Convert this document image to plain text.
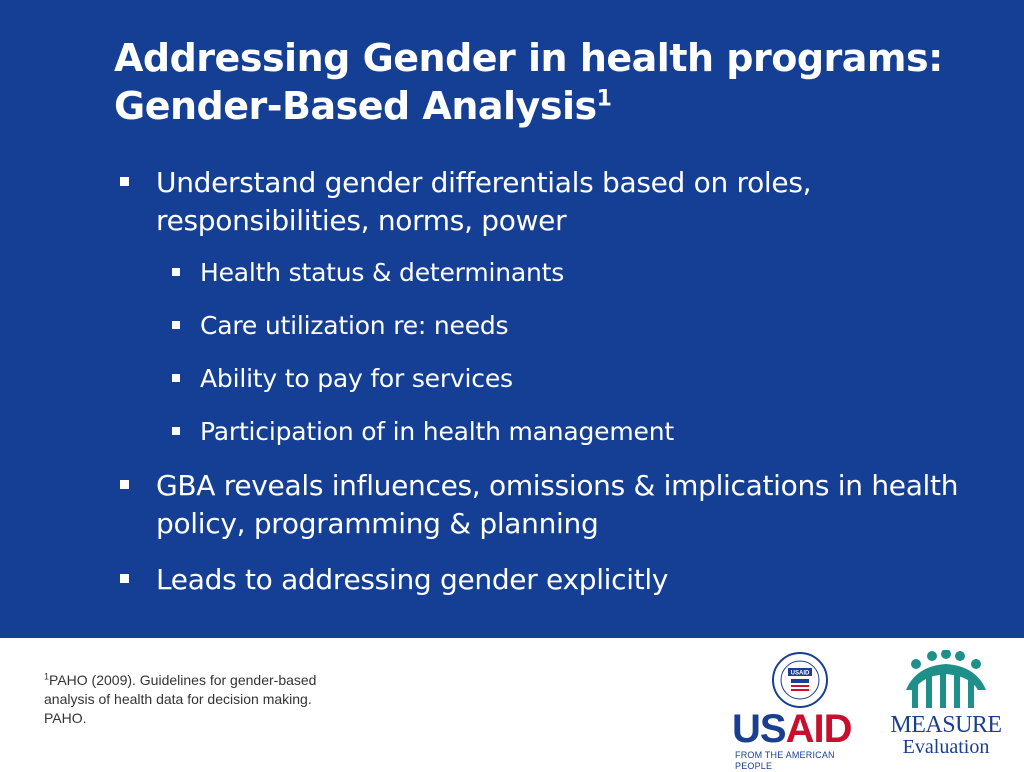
Addressing Gender in health programs:
Gender-Based Analysis$^1$
Understand gender differentials based on roles, responsibilities, norms, power
Health status & determinants
Care utilization re: needs
Ability to pay for services
Participation of in health management
GBA reveals influences, omissions & implications in health policy, programming & planning
Leads to addressing gender explicitly
$^1$PAHO (2009). Guidelines for gender-based analysis of health data for decision making. PAHO.
USAID
USAID
FROM THE AMERICAN PEOPLE
MEASURE
Evaluation
